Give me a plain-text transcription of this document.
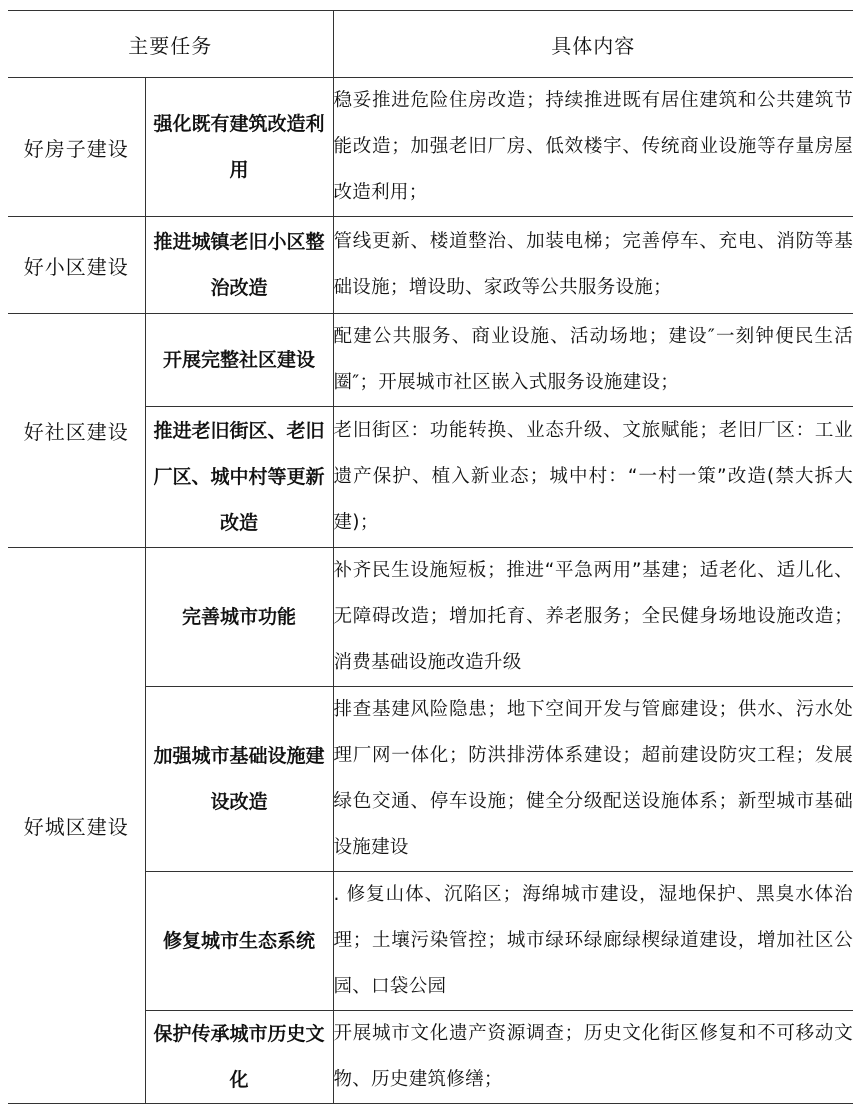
主要任务		具体内容
好房子建设	强化既有建筑改造利用	稳妥推进危险住房改造；持续推进既有居住建筑和公共建筑节能改造；加强老旧厂房、低效楼宇、传统商业设施等存量房屋改造利用；
好小区建设	推进城镇老旧小区整治改造	管线更新、楼道整治、加装电梯；完善停车、充电、消防等基础设施；增设助、家政等公共服务设施；
好社区建设	开展完整社区建设	配建公共服务、商业设施、活动场地；建设″一刻钟便民生活圈″；开展城市社区嵌入式服务设施建设；
	推进老旧街区、老旧厂区、城中村等更新改造	老旧街区：功能转换、业态升级、文旅赋能；老旧厂区：工业遗产保护、植入新业态；城中村：“一村一策”改造(禁大拆大建)；
好城区建设	完善城市功能	补齐民生设施短板；推进“平急两用”基建；适老化、适儿化、无障碍改造；增加托育、养老服务；全民健身场地设施改造；消费基础设施改造升级
	加强城市基础设施建设改造	排查基建风险隐患；地下空间开发与管廊建设；供水、污水处理厂网一体化；防洪排涝体系建设；超前建设防灾工程；发展绿色交通、停车设施；健全分级配送设施体系；新型城市基础设施建设
	修复城市生态系统	. 修复山体、沉陷区；海绵城市建设，湿地保护、黑臭水体治理；土壤污染管控；城市绿环绿廊绿楔绿道建设，增加社区公园、口袋公园
	保护传承城市历史文化	开展城市文化遗产资源调查；历史文化街区修复和不可移动文物、历史建筑修缮；
